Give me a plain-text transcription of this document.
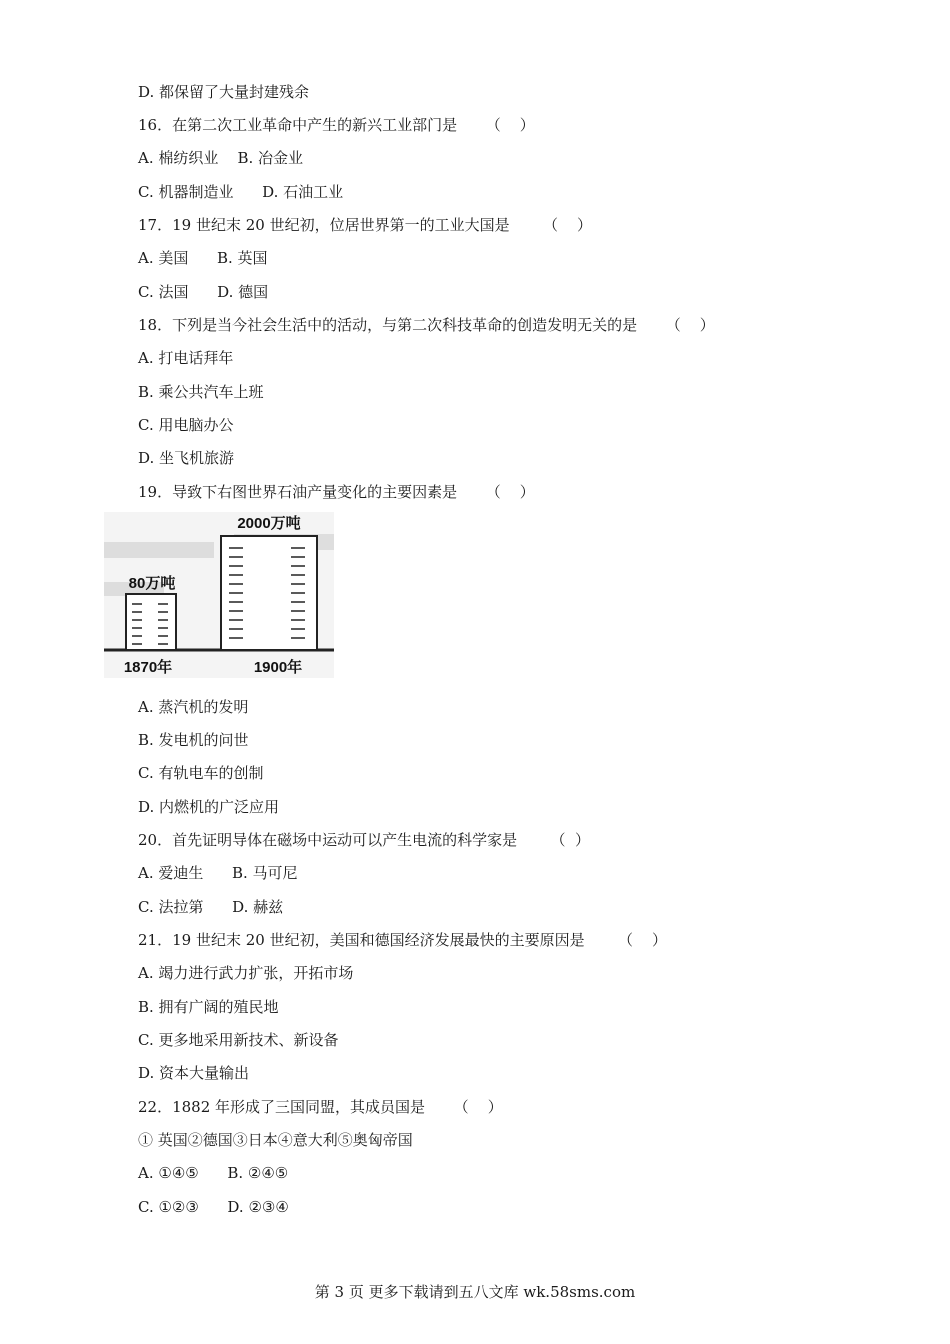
D. 都保留了大量封建残余
16．在第二次工业革命中产生的新兴工业部门是      （    ）
A. 棉纺织业    B. 冶金业
C. 机器制造业      D. 石油工业
17．19 世纪末 20 世纪初，位居世界第一的工业大国是       （    ）
A. 美国      B. 英国
C. 法国      D. 德国
18．下列是当今社会生活中的活动，与第二次科技革命的创造发明无关的是      （    ）
A. 打电话拜年
B. 乘公共汽车上班
C. 用电脑办公
D. 坐飞机旅游
19．导致下右图世界石油产量变化的主要因素是      （    ）
80万吨
2000万吨
1870年	1900年
A. 蒸汽机的发明
B. 发电机的问世
C. 有轨电车的创制
D. 内燃机的广泛应用
20．首先证明导体在磁场中运动可以产生电流的科学家是       （  ）
A. 爱迪生      B. 马可尼
C. 法拉第      D. 赫兹
21．19 世纪末 20 世纪初，美国和德国经济发展最快的主要原因是       （    ）
A. 竭力进行武力扩张，开拓市场
B. 拥有广阔的殖民地
C. 更多地采用新技术、新设备
D. 资本大量输出
22．1882 年形成了三国同盟，其成员国是      （    ）
① 英国②德国③日本④意大利⑤奥匈帝国
A. ①④⑤      B. ②④⑤
C. ①②③      D. ②③④
第 3 页 更多下载请到五八文库 wk.58sms.com
